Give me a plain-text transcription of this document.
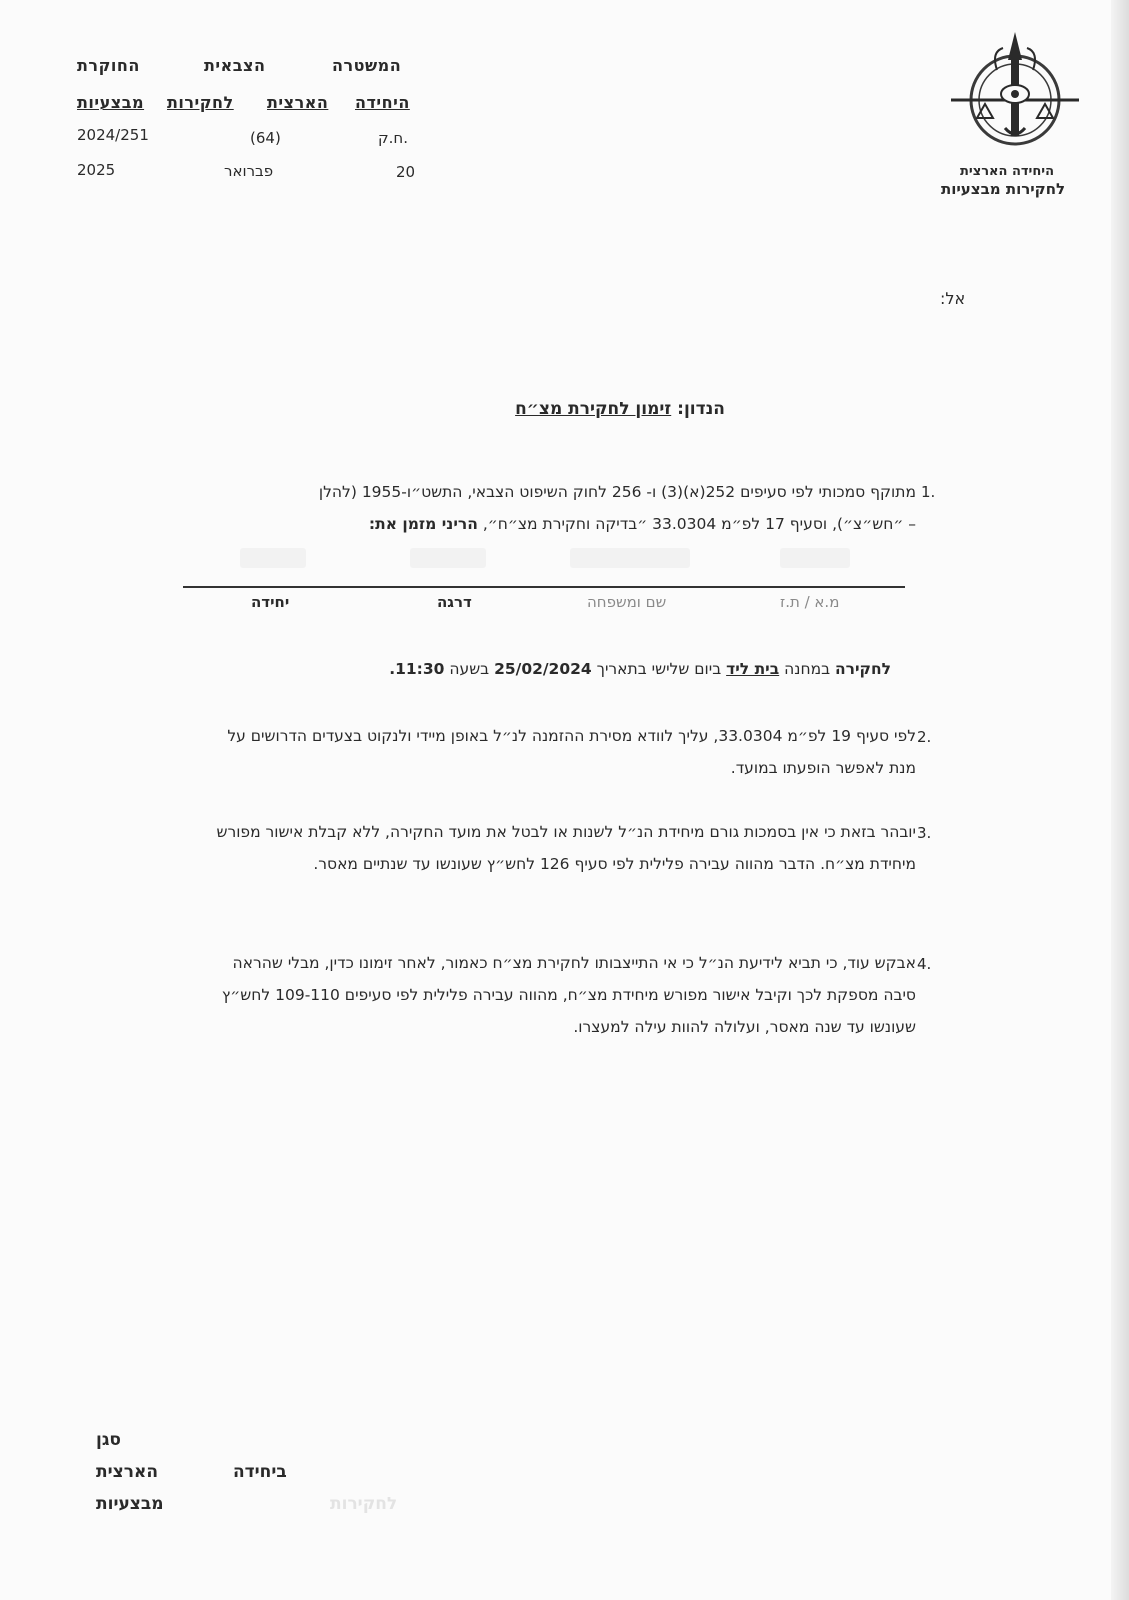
המשטרה
הצבאית
החוקרת
היחידה
הארצית
לחקירות
מבצעיות
ח.ק.
(64)
2024/251
20
פברואר
2025	היחידה הארצית
לחקירות מבצעיות
אל:
הנדון: זימון לחקירת מצ״ח
1.
מתוקף סמכותי לפי סעיפים 252(א)(3) ו- 256 לחוק השיפוט הצבאי, התשט״ו-1955 (להלן
– ״חש״צ״), וסעיף 17 לפ״מ 33.0304 ״בדיקה וחקירת מצ״ח״, הריני מזמן את:
מ.א / ת.ז
שם ומשפחה
דרגה
יחידה
לחקירה במחנה בית ליד ביום שלישי בתאריך 25/02/2024 בשעה 11:30.
2.
לפי סעיף 19 לפ״מ 33.0304, עליך לוודא מסירת ההזמנה לנ״ל באופן מיידי ולנקוט בצעדים הדרושים על מנת לאפשר הופעתו במועד.
3.
יובהר בזאת כי אין בסמכות גורם מיחידת הנ״ל לשנות או לבטל את מועד החקירה, ללא קבלת אישור מפורש מיחידת מצ״ח. הדבר מהווה עבירה פלילית לפי סעיף 126 לחש״ץ שעונשו עד שנתיים מאסר.
4.
אבקש עוד, כי תביא לידיעת הנ״ל כי אי התייצבותו לחקירת מצ״ח כאמור, לאחר זימונו כדין, מבלי שהראה סיבה מספקת לכך וקיבל אישור מפורש מיחידת מצ״ח, מהווה עבירה פלילית לפי סעיפים 109-110 לחש״ץ שעונשו עד שנה מאסר, ועלולה להוות עילה למעצרו.
סגן
ביחידה
הארצית
מבצעיות	לחקירות
